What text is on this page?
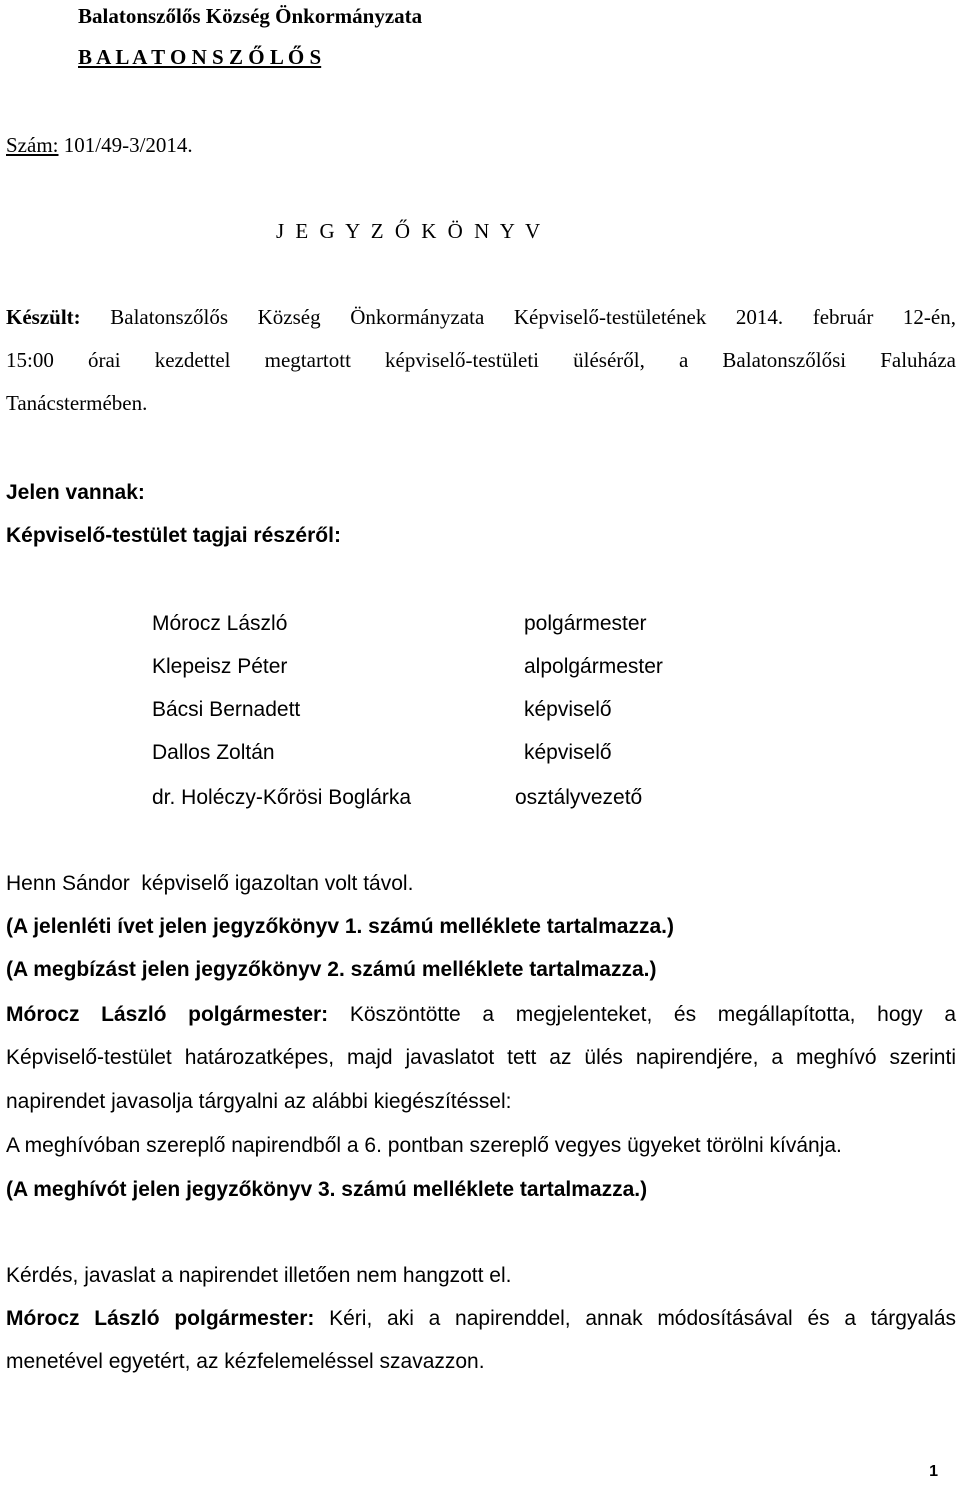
Balatonszőlős Község Önkormányzata
B A L A T O N S Z Ő L Ő S
Szám: 101/49-3/2014.
J E G Y Z Ő K Ö N Y V
Készült: Balatonszőlős Község Önkormányzata Képviselő-testületének 2014. február 12-én,
15:00 órai kezdettel megtartott képviselő-testületi üléséről, a Balatonszőlősi Faluháza
Tanácstermében.
Jelen vannak:
Képviselő-testület tagjai részéről:
Mórocz László	polgármester
Klepeisz Péter	alpolgármester
Bácsi Bernadett	képviselő
Dallos Zoltán	képviselő
dr. Holéczy-Kőrösi Boglárka	osztályvezető
Henn Sándor  képviselő igazoltan volt távol.
(A jelenléti ívet jelen jegyzőkönyv 1. számú melléklete tartalmazza.)
(A megbízást jelen jegyzőkönyv 2. számú melléklete tartalmazza.)
Mórocz László polgármester: Köszöntötte a megjelenteket, és megállapította, hogy a
Képviselő-testület határozatképes, majd javaslatot tett az ülés napirendjére, a meghívó szerinti
napirendet javasolja tárgyalni az alábbi kiegészítéssel:
A meghívóban szereplő napirendből a 6. pontban szereplő vegyes ügyeket törölni kívánja.
(A meghívót jelen jegyzőkönyv 3. számú melléklete tartalmazza.)
Kérdés, javaslat a napirendet illetően nem hangzott el.
Mórocz László polgármester: Kéri, aki a napirenddel, annak módosításával és a tárgyalás
menetével egyetért, az kézfelemeléssel szavazzon.
1
